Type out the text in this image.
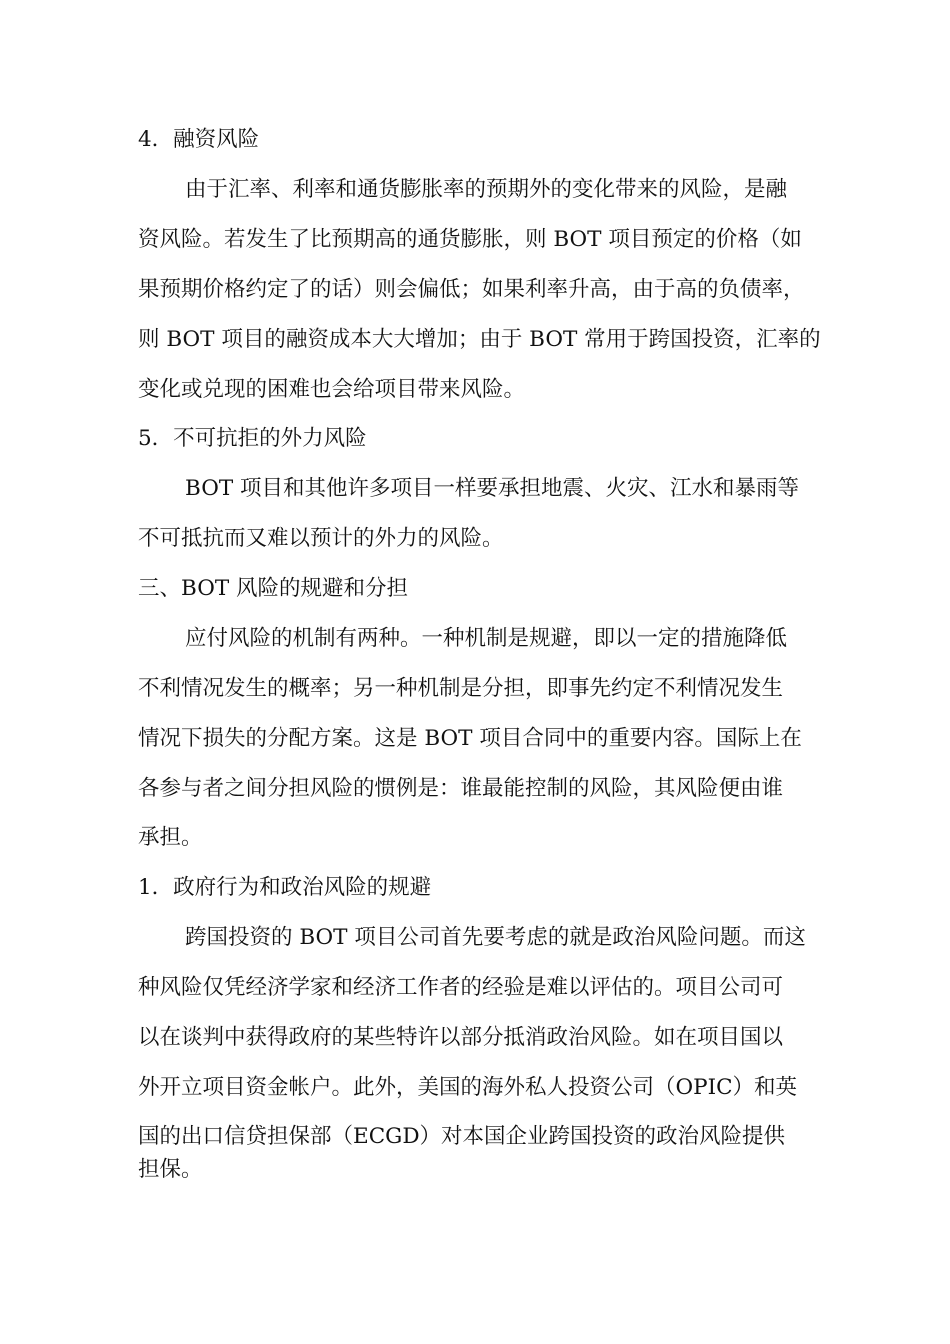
4．融资风险
由于汇率、利率和通货膨胀率的预期外的变化带来的风险，是融
资风险。若发生了比预期高的通货膨胀，则 BOT 项目预定的价格（如
果预期价格约定了的话）则会偏低；如果利率升高，由于高的负债率，
则 BOT 项目的融资成本大大增加；由于 BOT 常用于跨国投资，汇率的
变化或兑现的困难也会给项目带来风险。
5．不可抗拒的外力风险
BOT 项目和其他许多项目一样要承担地震、火灾、江水和暴雨等
不可抵抗而又难以预计的外力的风险。
三、BOT 风险的规避和分担
应付风险的机制有两种。一种机制是规避，即以一定的措施降低
不利情况发生的概率；另一种机制是分担，即事先约定不利情况发生
情况下损失的分配方案。这是 BOT 项目合同中的重要内容。国际上在
各参与者之间分担风险的惯例是：谁最能控制的风险，其风险便由谁
承担。
1．政府行为和政治风险的规避
跨国投资的 BOT 项目公司首先要考虑的就是政治风险问题。而这
种风险仅凭经济学家和经济工作者的经验是难以评估的。项目公司可
以在谈判中获得政府的某些特许以部分抵消政治风险。如在项目国以
外开立项目资金帐户。此外，美国的海外私人投资公司（OPIC）和英
国的出口信贷担保部（ECGD）对本国企业跨国投资的政治风险提供
担保。
